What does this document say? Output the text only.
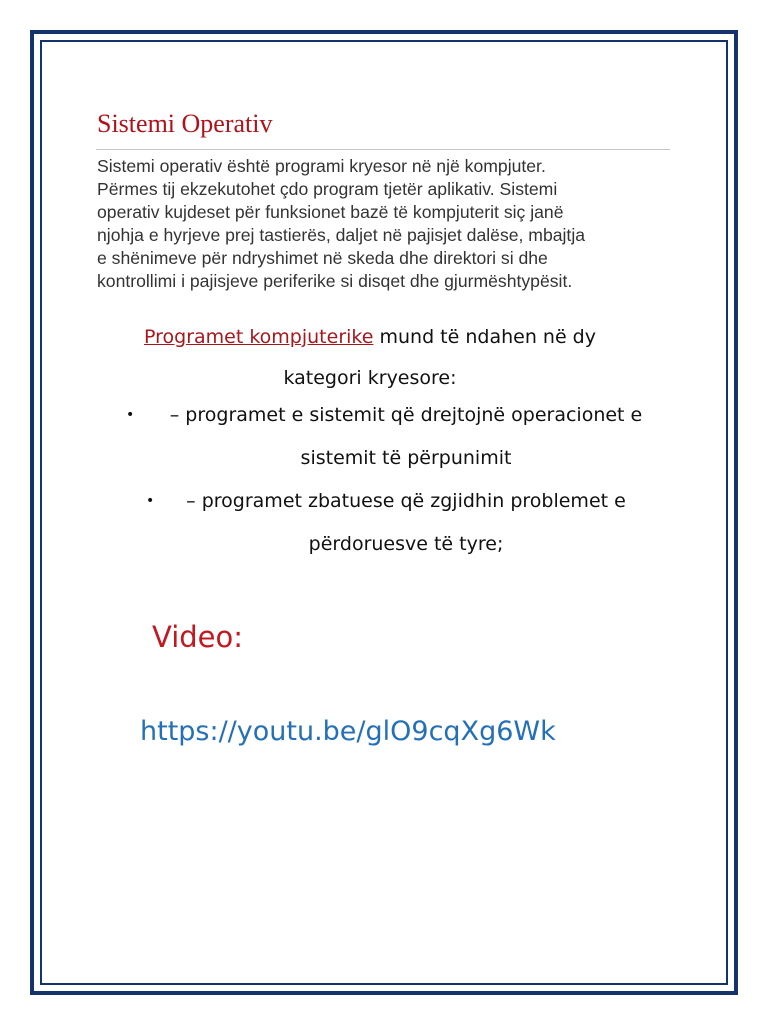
Sistemi Operativ

Sistemi operativ është programi kryesor në një kompjuter.
Përmes tij ekzekutohet çdo program tjetër aplikativ. Sistemi
operativ kujdeset për funksionet bazë të kompjuterit siç janë
njohja e hyrjeve prej tastierës, daljet në pajisjet dalëse, mbajtja
e shënimeve për ndryshimet në skeda dhe direktori si dhe
kontrollimi i pajisjeve periferike si disqet dhe gjurmështypësit.

Programet kompjuterike mund të ndahen në dy
kategori kryesore:

•	– programet e sistemit që drejtojnë operacionet e
sistemit të përpunimit
•	– programet zbatuese që zgjidhin problemet e
përdoruesve të tyre;
Video:
https://youtu.be/glO9cqXg6Wk
